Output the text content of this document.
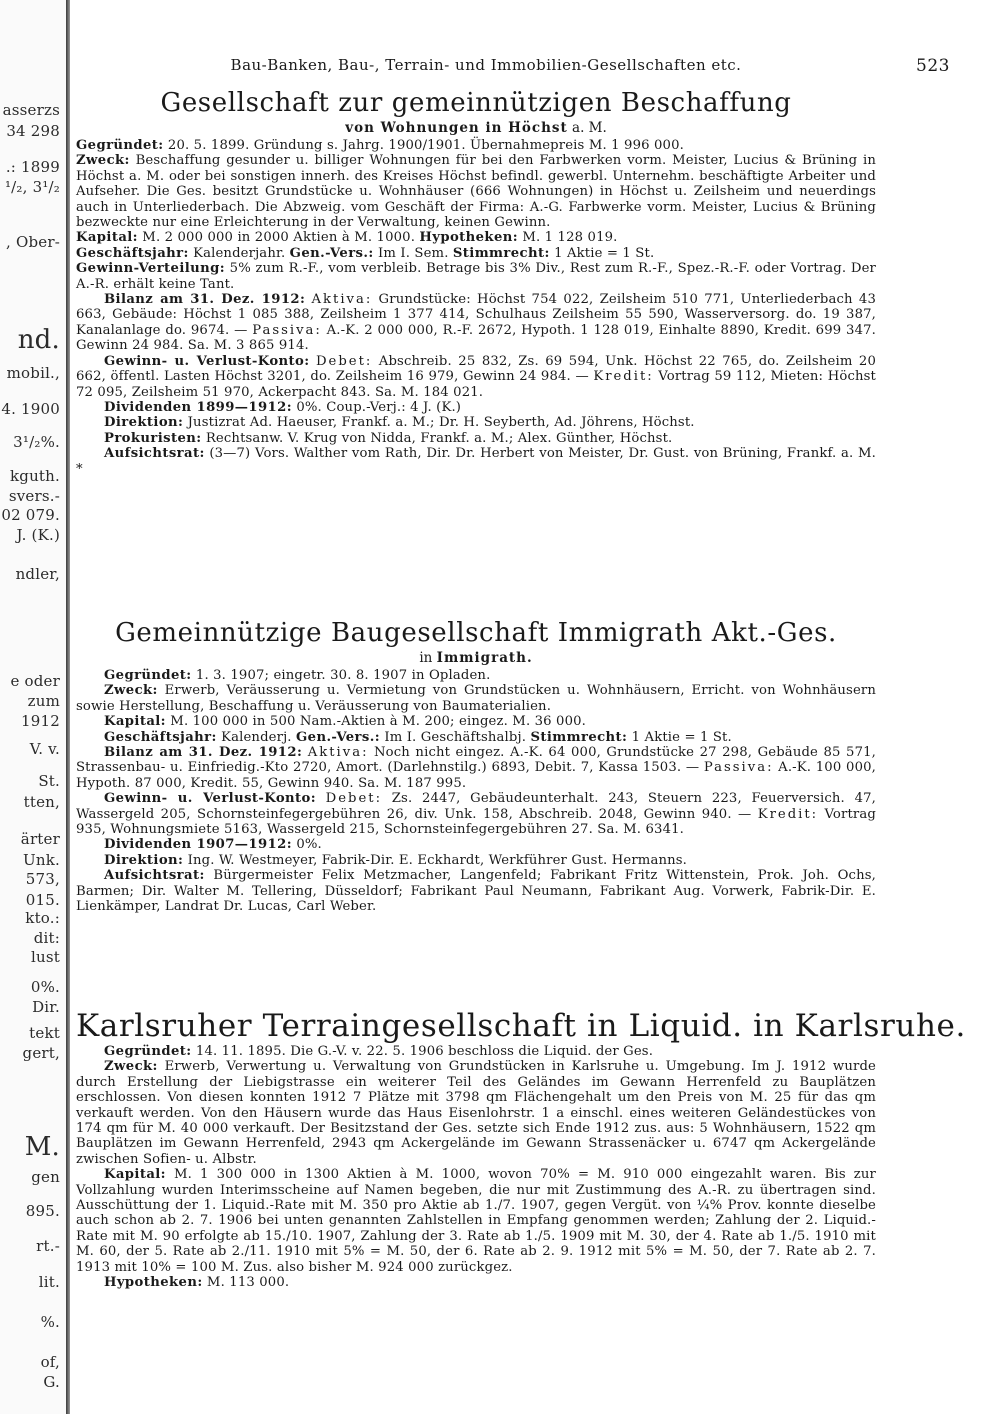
asserzs
34 298
.: 1899
¹/₂, 3¹/₂
, Ober-
nd.
mobil.,
4. 1900
3¹/₂%.
kguth.
svers.-
02 079.
J. (K.)
ndler,
e oder
zum
1912
V. v.
St.
tten,
ärter
Unk.
573,
015.
kto.:
dit:
lust
0%.
Dir.
tekt
gert,
M.
gen
895.
rt.-
lit.
%.
of,
G.
Bau-Banken, Bau-, Terrain- und Immobilien-Gesellschaften etc.	523
Gesellschaft zur gemeinnützigen Beschaffung
von Wohnungen in Höchst a. M.

Gegründet: 20. 5. 1899. Gründung s. Jahrg. 1900/1901. Übernahmepreis M. 1 996 000.

Zweck: Beschaffung gesunder u. billiger Wohnungen für bei den Farbwerken vorm. Meister, Lucius & Brüning in Höchst a. M. oder bei sonstigen innerh. des Kreises Höchst befindl. gewerbl. Unternehm. beschäftigte Arbeiter und Aufseher. Die Ges. besitzt Grundstücke u. Wohnhäuser (666 Wohnungen) in Höchst u. Zeilsheim und neuerdings auch in Unterliederbach. Die Abzweig. vom Geschäft der Firma: A.-G. Farbwerke vorm. Meister, Lucius & Brüning bezweckte nur eine Erleichterung in der Verwaltung, keinen Gewinn.

Kapital: M. 2 000 000 in 2000 Aktien à M. 1000. Hypotheken: M. 1 128 019.

Geschäftsjahr: Kalenderjahr. Gen.-Vers.: Im I. Sem. Stimmrecht: 1 Aktie = 1 St.

Gewinn-Verteilung: 5% zum R.-F., vom verbleib. Betrage bis 3% Div., Rest zum R.-F., Spez.-R.-F. oder Vortrag. Der A.-R. erhält keine Tant.

Bilanz am 31. Dez. 1912: Aktiva: Grundstücke: Höchst 754 022, Zeilsheim 510 771, Unterliederbach 43 663, Gebäude: Höchst 1 085 388, Zeilsheim 1 377 414, Schulhaus Zeilsheim 55 590, Wasserversorg. do. 19 387, Kanalanlage do. 9674. — Passiva: A.-K. 2 000 000, R.-F. 2672, Hypoth. 1 128 019, Einhalte 8890, Kredit. 699 347. Gewinn 24 984. Sa. M. 3 865 914.

Gewinn- u. Verlust-Konto: Debet: Abschreib. 25 832, Zs. 69 594, Unk. Höchst 22 765, do. Zeilsheim 20 662, öffentl. Lasten Höchst 3201, do. Zeilsheim 16 979, Gewinn 24 984. — Kredit: Vortrag 59 112, Mieten: Höchst 72 095, Zeilsheim 51 970, Ackerpacht 843. Sa. M. 184 021.

Dividenden 1899—1912: 0%. Coup.-Verj.: 4 J. (K.)

Direktion: Justizrat Ad. Haeuser, Frankf. a. M.; Dr. H. Seyberth, Ad. Jöhrens, Höchst.

Prokuristen: Rechtsanw. V. Krug von Nidda, Frankf. a. M.; Alex. Günther, Höchst.

Aufsichtsrat: (3—7) Vors. Walther vom Rath, Dir. Dr. Herbert von Meister, Dr. Gust. von Brüning, Frankf. a. M. *

Gemeinnützige Baugesellschaft Immigrath Akt.-Ges.
in Immigrath.

Gegründet: 1. 3. 1907; eingetr. 30. 8. 1907 in Opladen.

Zweck: Erwerb, Veräusserung u. Vermietung von Grundstücken u. Wohnhäusern, Erricht. von Wohnhäusern sowie Herstellung, Beschaffung u. Veräusserung von Baumaterialien.

Kapital: M. 100 000 in 500 Nam.-Aktien à M. 200; eingez. M. 36 000.

Geschäftsjahr: Kalenderj. Gen.-Vers.: Im I. Geschäftshalbj. Stimmrecht: 1 Aktie = 1 St.

Bilanz am 31. Dez. 1912: Aktiva: Noch nicht eingez. A.-K. 64 000, Grundstücke 27 298, Gebäude 85 571, Strassenbau- u. Einfriedig.-Kto 2720, Amort. (Darlehnstilg.) 6893, Debit. 7, Kassa 1503. — Passiva: A.-K. 100 000, Hypoth. 87 000, Kredit. 55, Gewinn 940. Sa. M. 187 995.

Gewinn- u. Verlust-Konto: Debet: Zs. 2447, Gebäudeunterhalt. 243, Steuern 223, Feuerversich. 47, Wassergeld 205, Schornsteinfegergebühren 26, div. Unk. 158, Abschreib. 2048, Gewinn 940. — Kredit: Vortrag 935, Wohnungsmiete 5163, Wassergeld 215, Schornsteinfegergebühren 27. Sa. M. 6341.

Dividenden 1907—1912: 0%.

Direktion: Ing. W. Westmeyer, Fabrik-Dir. E. Eckhardt, Werkführer Gust. Hermanns.

Aufsichtsrat: Bürgermeister Felix Metzmacher, Langenfeld; Fabrikant Fritz Wittenstein, Prok. Joh. Ochs, Barmen; Dir. Walter M. Tellering, Düsseldorf; Fabrikant Paul Neumann, Fabrikant Aug. Vorwerk, Fabrik-Dir. E. Lienkämper, Landrat Dr. Lucas, Carl Weber.

Karlsruher Terraingesellschaft in Liquid. in Karlsruhe.

Gegründet: 14. 11. 1895. Die G.-V. v. 22. 5. 1906 beschloss die Liquid. der Ges.

Zweck: Erwerb, Verwertung u. Verwaltung von Grundstücken in Karlsruhe u. Umgebung. Im J. 1912 wurde durch Erstellung der Liebigstrasse ein weiterer Teil des Geländes im Gewann Herrenfeld zu Bauplätzen erschlossen. Von diesen konnten 1912 7 Plätze mit 3798 qm Flächengehalt um den Preis von M. 25 für das qm verkauft werden. Von den Häusern wurde das Haus Eisenlohrstr. 1 a einschl. eines weiteren Geländestückes von 174 qm für M. 40 000 verkauft. Der Besitzstand der Ges. setzte sich Ende 1912 zus. aus: 5 Wohnhäusern, 1522 qm Bauplätzen im Gewann Herrenfeld, 2943 qm Ackergelände im Gewann Strassenäcker u. 6747 qm Ackergelände zwischen Sofien- u. Albstr.

Kapital: M. 1 300 000 in 1300 Aktien à M. 1000, wovon 70% = M. 910 000 eingezahlt waren. Bis zur Vollzahlung wurden Interimsscheine auf Namen begeben, die nur mit Zustimmung des A.-R. zu übertragen sind. Ausschüttung der 1. Liquid.-Rate mit M. 350 pro Aktie ab 1./7. 1907, gegen Vergüt. von ¼% Prov. konnte dieselbe auch schon ab 2. 7. 1906 bei unten genannten Zahlstellen in Empfang genommen werden; Zahlung der 2. Liquid.-Rate mit M. 90 erfolgte ab 15./10. 1907, Zahlung der 3. Rate ab 1./5. 1909 mit M. 30, der 4. Rate ab 1./5. 1910 mit M. 60, der 5. Rate ab 2./11. 1910 mit 5% = M. 50, der 6. Rate ab 2. 9. 1912 mit 5% = M. 50, der 7. Rate ab 2. 7. 1913 mit 10% = 100 M. Zus. also bisher M. 924 000 zurückgez.

Hypotheken: M. 113 000.
